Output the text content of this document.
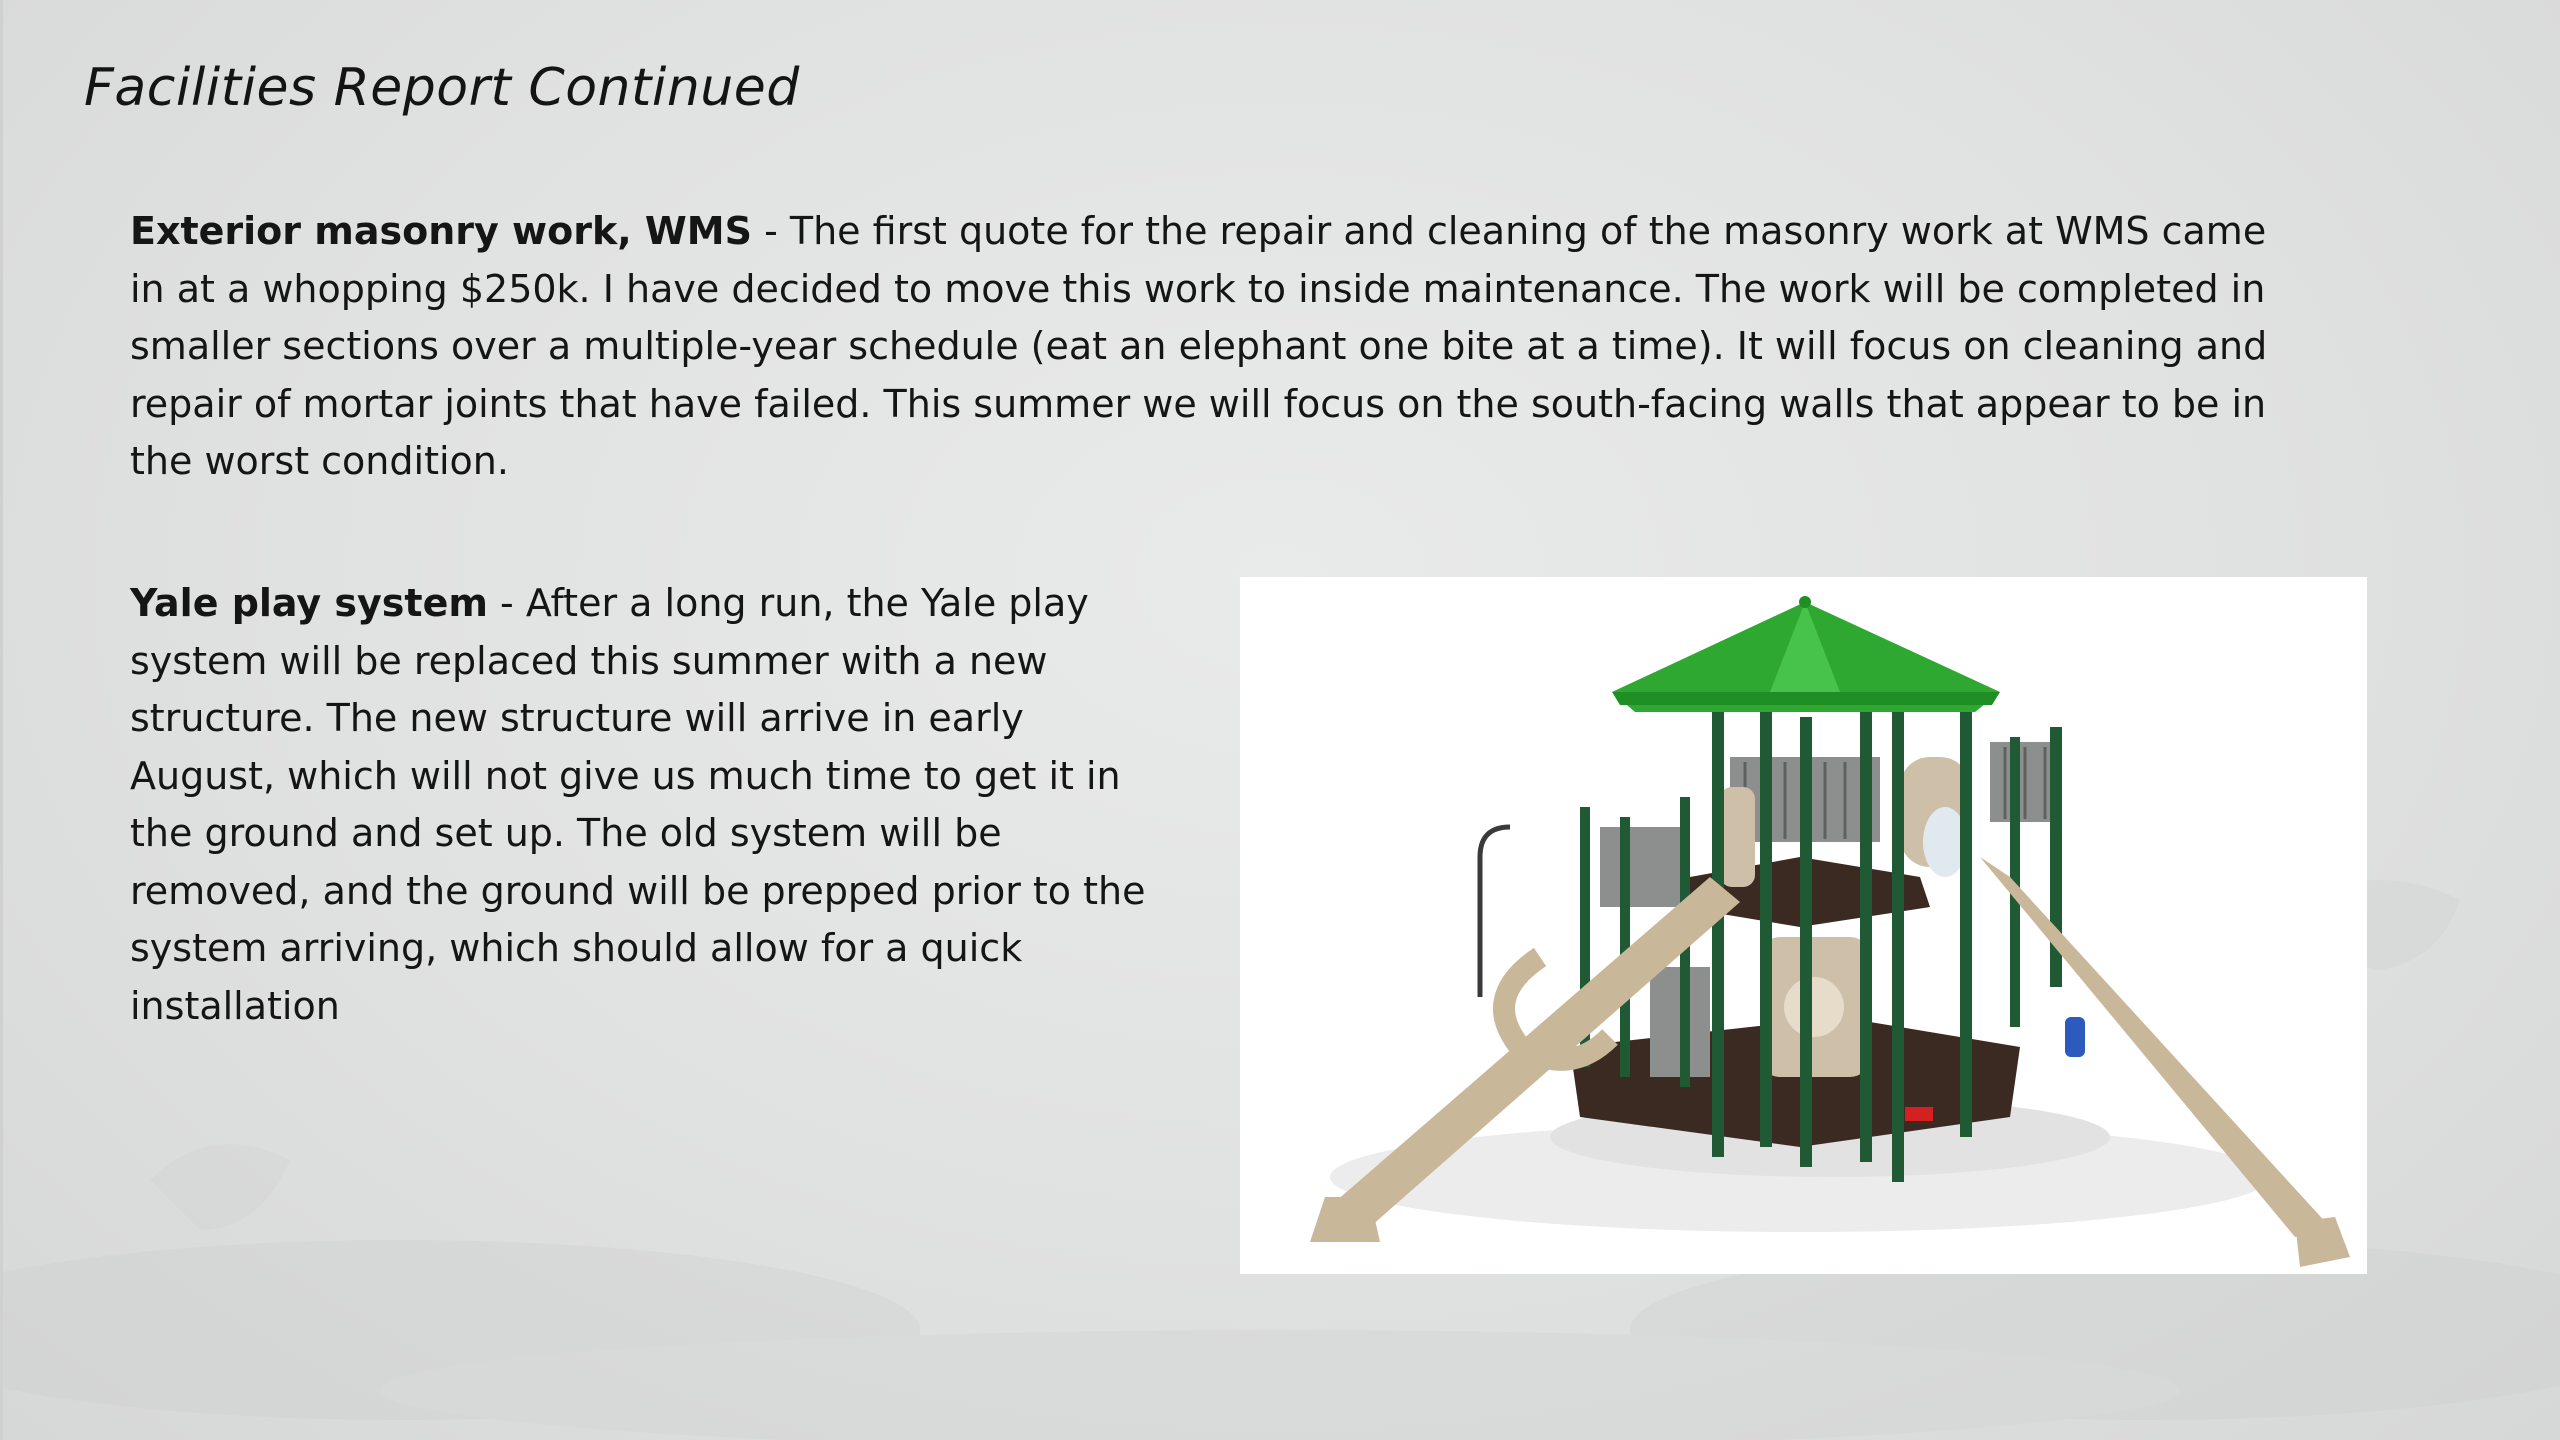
Facilities Report Continued

Exterior masonry work, WMS - The first quote for the repair and cleaning of the masonry work at WMS came in at a whopping $250k. I have decided to move this work to inside maintenance. The work will be completed in smaller sections over a multiple-year schedule (eat an elephant one bite at a time). It will focus on cleaning and repair of mortar joints that have failed. This summer we will focus on the south-facing walls that appear to be in the worst condition.

Yale play system - After a long run, the Yale play system will be replaced this summer with a new structure. The new structure will arrive in early August, which will not give us much time to get it in the ground and set up. The old system will be removed, and the ground will be prepped prior to the system arriving, which should allow for a quick installation
